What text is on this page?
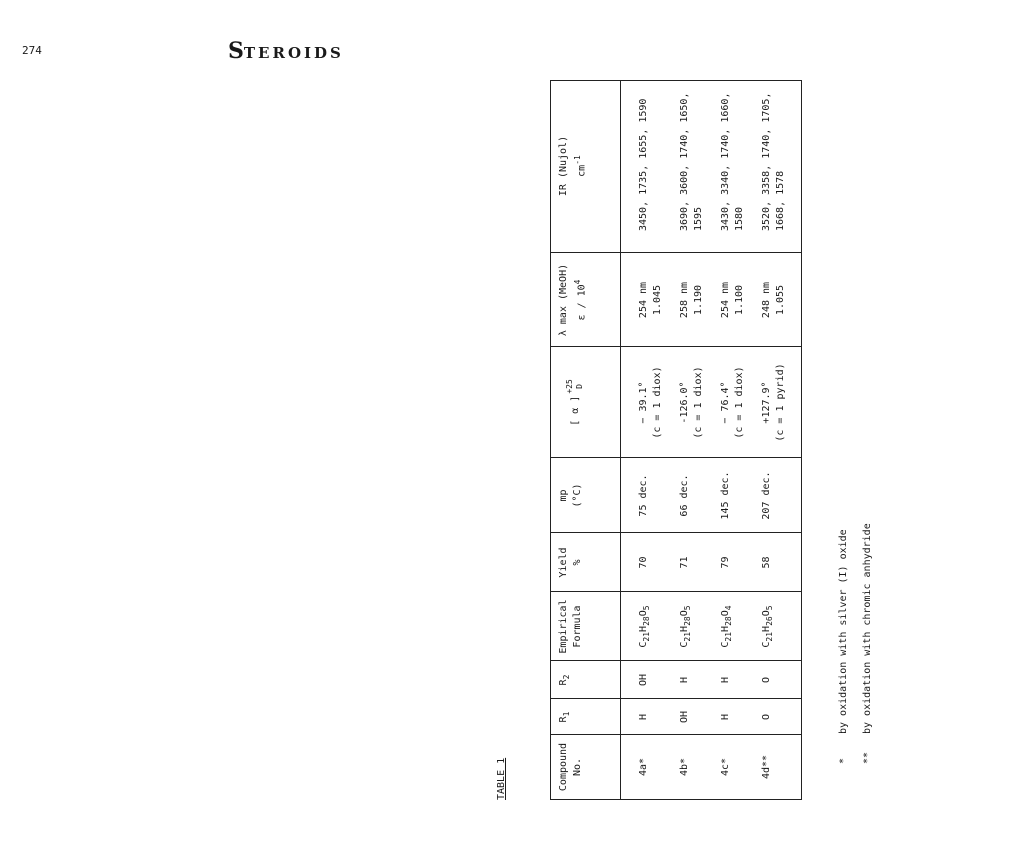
274	STEROIDS
TABLE 1	Compound No.
$R_1$
$R_2$
Empirical Formula
Yield %
mp (°C)
[ α ]
+25 D
λ max (MeOH) ε / $10^4$
IR (Nujol) $cm^{-1}$
4a*
H
OH
$C_{21}H_{28}O_5$
70
75 dec.
− 39.1° (c = 1 diox)
254 nm 1.045
3450, 1735, 1655, 1590
4b*
OH
H
$C_{21}H_{28}O_5$
71
66 dec.
-126.0° (c = 1 diox)
258 nm 1.190
3690, 3600, 1740, 1650, 1595
4c*
H
H
$C_{21}H_{28}O_4$
79
145 dec.
− 76.4° (c = 1 diox)
254 nm 1.100
3430, 3340, 1740, 1660, 1580
4d**
O
O
$C_{21}H_{26}O_5$
58
207 dec.
+127.9° (c = 1 pyrid)
248 nm 1.055
3520, 3358, 1740, 1705, 1668, 1578
*
by oxidation with silver (I) oxide
**
by oxidation with chromic anhydride
